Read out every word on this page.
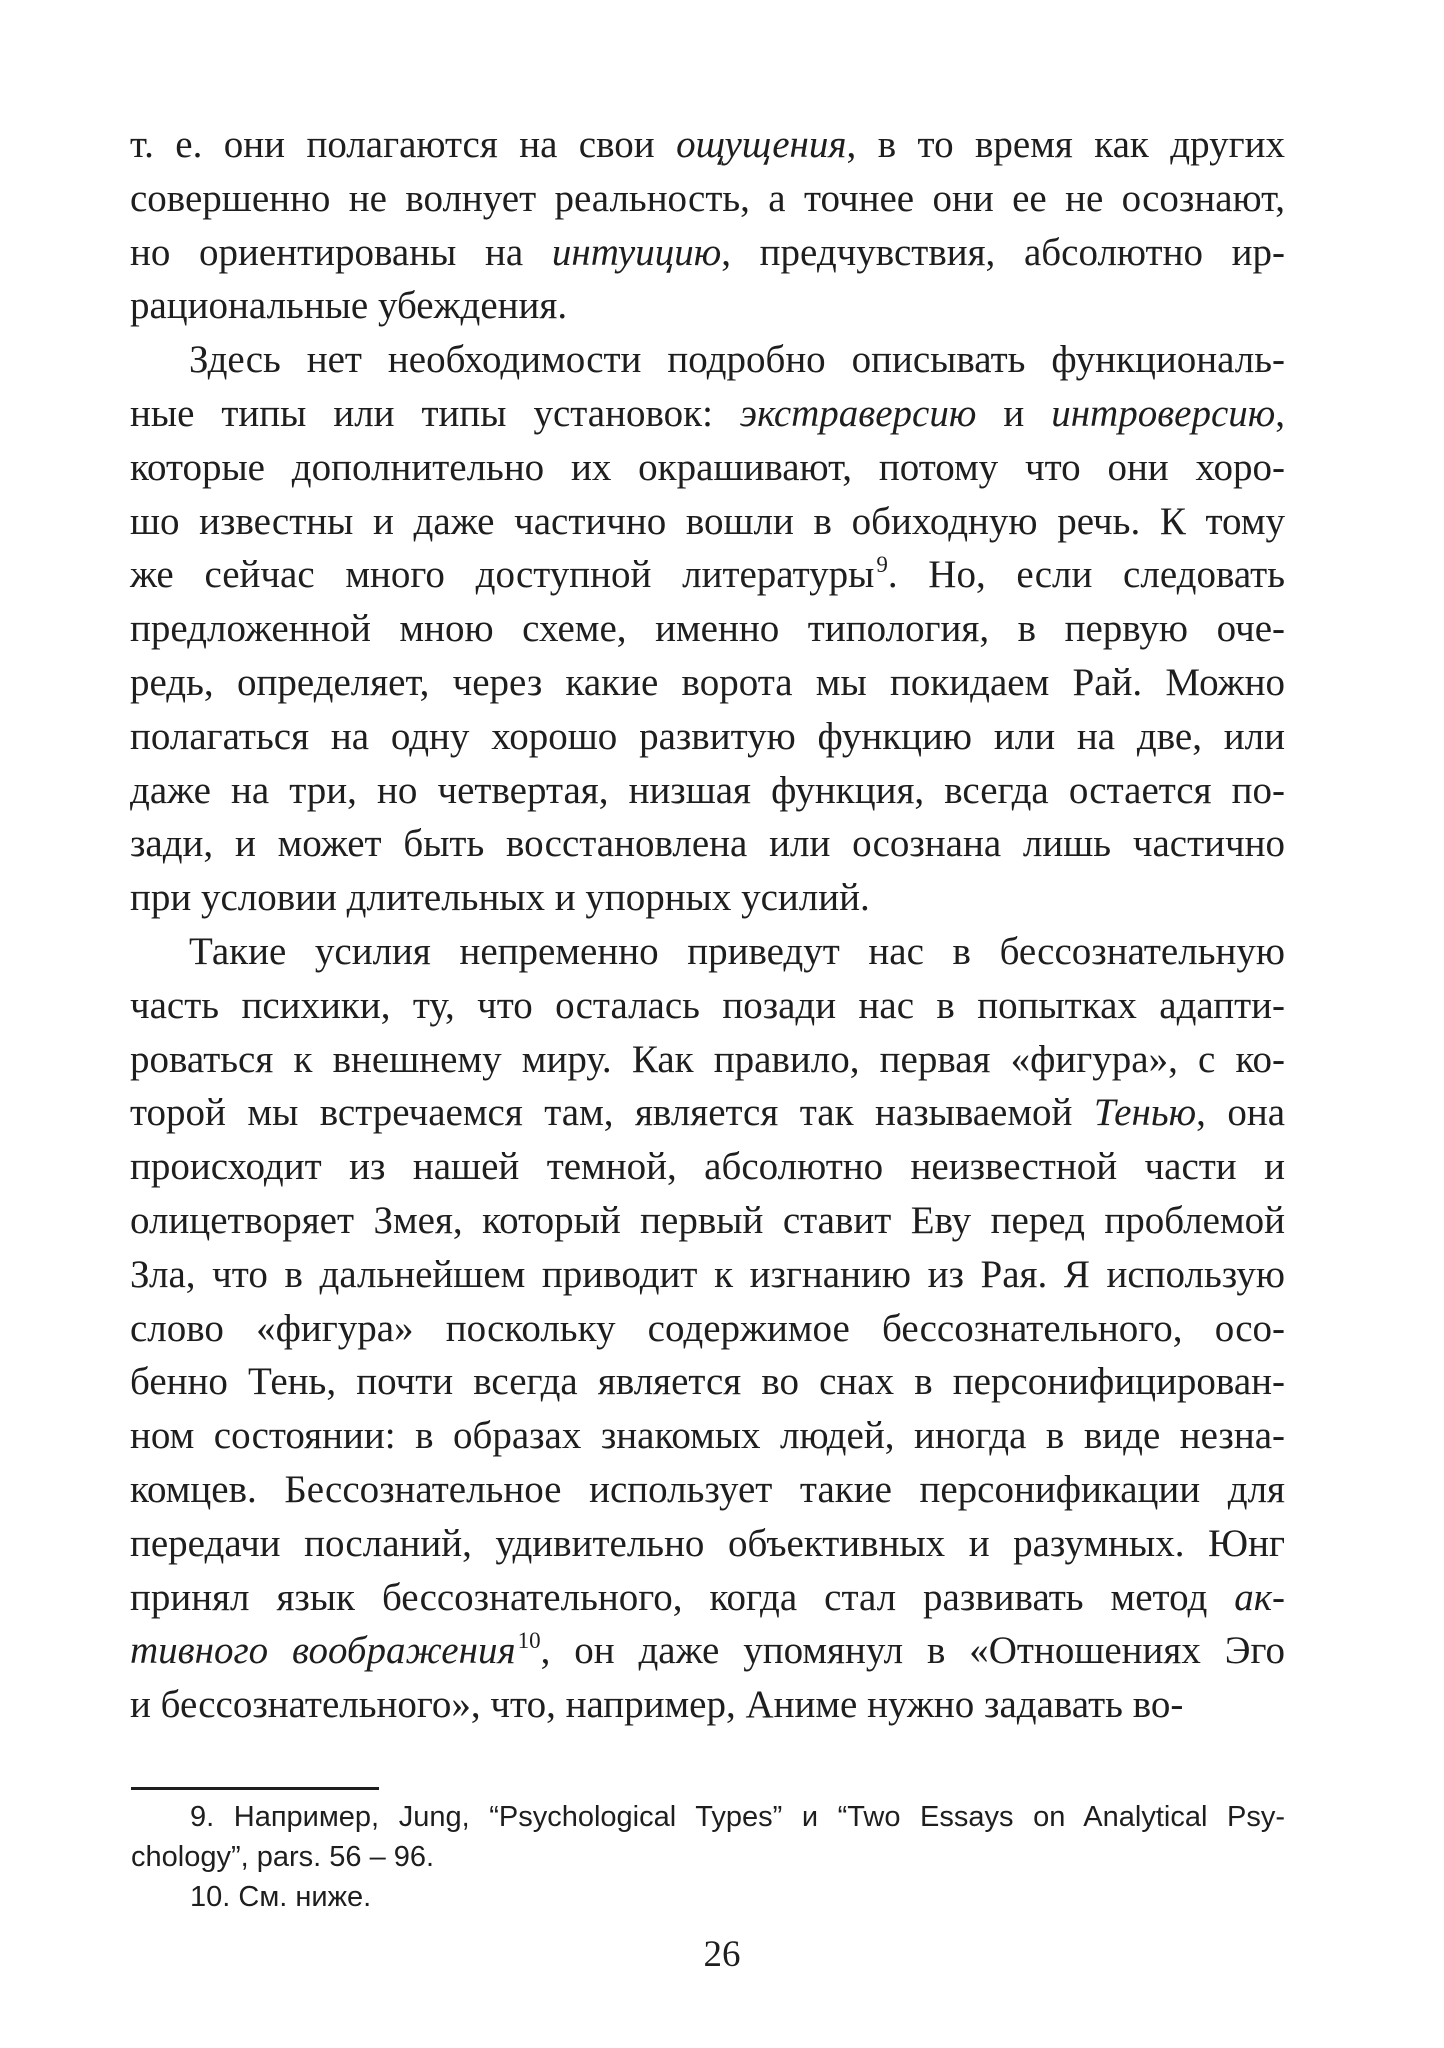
т. е. они полагаются на свои ощущения, в то время как других

совершенно не волнует реальность, а точнее они ее не осознают,

но ориентированы на интуицию, предчувствия, абсолютно ир-

рациональные убеждения.

Здесь нет необходимости подробно описывать функциональ-

ные типы или типы установок: экстраверсию и интроверсию,

которые дополнительно их окрашивают, потому что они хоро-

шо известны и даже частично вошли в обиходную речь. К тому

же сейчас много доступной литературы$^9$. Но, если следовать

предложенной мною схеме, именно типология, в первую оче-

редь, определяет, через какие ворота мы покидаем Рай. Можно

полагаться на одну хорошо развитую функцию или на две, или

даже на три, но четвертая, низшая функция, всегда остается по-

зади, и может быть восстановлена или осознана лишь частично

при условии длительных и упорных усилий.

Такие усилия непременно приведут нас в бессознательную

часть психики, ту, что осталась позади нас в попытках адапти-

роваться к внешнему миру. Как правило, первая «фигура», с ко-

торой мы встречаемся там, является так называемой Тенью, она

происходит из нашей темной, абсолютно неизвестной части и

олицетворяет Змея, который первый ставит Еву перед проблемой

Зла, что в дальнейшем приводит к изгнанию из Рая. Я использую

слово «фигура» поскольку содержимое бессознательного, осо-

бенно Тень, почти всегда является во снах в персонифицирован-

ном состоянии: в образах знакомых людей, иногда в виде незна-

комцев. Бессознательное использует такие персонификации для

передачи посланий, удивительно объективных и разумных. Юнг

принял язык бессознательного, когда стал развивать метод ак-

тивного воображения$^{10}$, он даже упомянул в «Отношениях Эго

и бессознательного», что, например, Аниме нужно задавать во-

9. Например, Jung, “Psychological Types” и “Two Essays on Analytical Psy-

chology”, pars. 56 – 96.

10. См. ниже.

26
